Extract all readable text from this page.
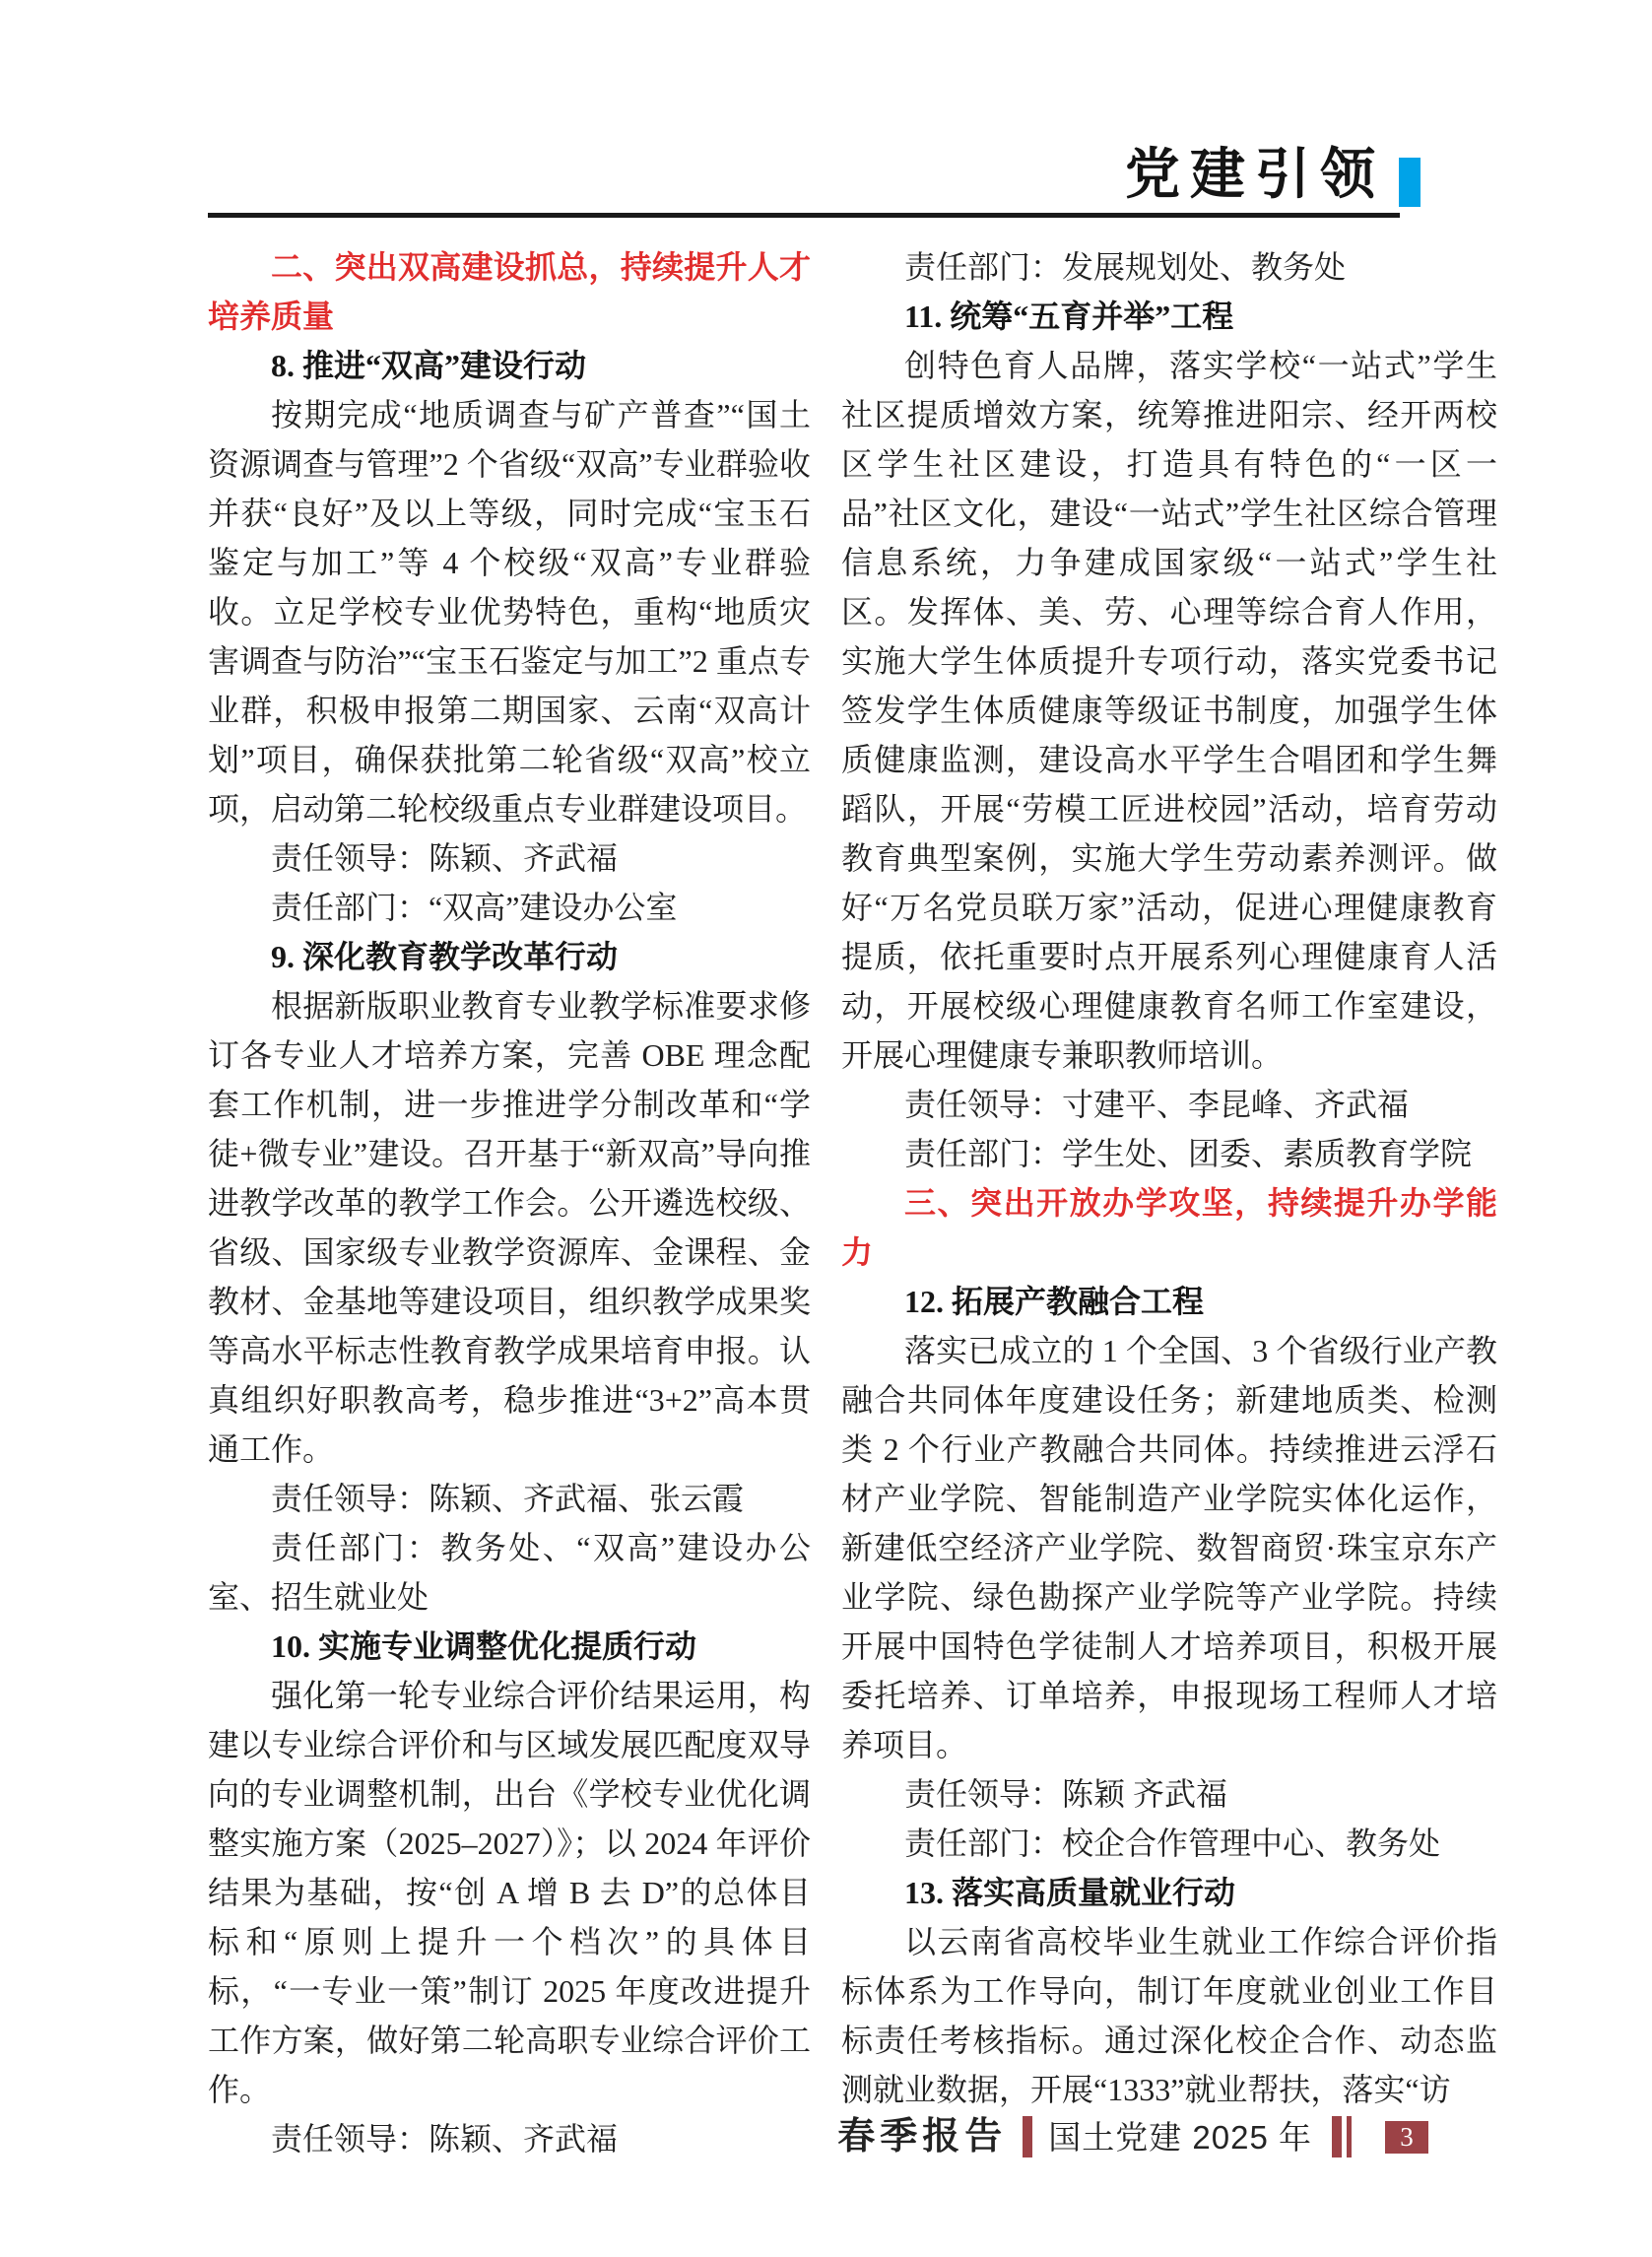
党建引领

二、突出双高建设抓总，持续提升人才培养质量

8. 推进“双高”建设行动

按期完成“地质调查与矿产普查”“国土资源调查与管理”2 个省级“双高”专业群验收并获“良好”及以上等级，同时完成“宝玉石鉴定与加工”等 4 个校级“双高”专业群验收。立足学校专业优势特色，重构“地质灾害调查与防治”“宝玉石鉴定与加工”2 重点专业群，积极申报第二期国家、云南“双高计划”项目，确保获批第二轮省级“双高”校立项，启动第二轮校级重点专业群建设项目。

责任领导：陈颖、齐武福

责任部门：“双高”建设办公室

9. 深化教育教学改革行动

根据新版职业教育专业教学标准要求修订各专业人才培养方案，完善 OBE 理念配套工作机制，进一步推进学分制改革和“学徒+微专业”建设。召开基于“新双高”导向推进教学改革的教学工作会。公开遴选校级、省级、国家级专业教学资源库、金课程、金教材、金基地等建设项目，组织教学成果奖等高水平标志性教育教学成果培育申报。认真组织好职教高考，稳步推进“3+2”高本贯通工作。

责任领导：陈颖、齐武福、张云霞

责任部门：教务处、“双高”建设办公室、招生就业处

10. 实施专业调整优化提质行动

强化第一轮专业综合评价结果运用，构建以专业综合评价和与区域发展匹配度双导向的专业调整机制，出台《学校专业优化调整实施方案（2025–2027）》；以 2024 年评价结果为基础，按“创 A 增 B 去 D”的总体目标和“原则上提升一个档次”的具体目标，“一专业一策”制订 2025 年度改进提升工作方案，做好第二轮高职专业综合评价工作。

责任领导：陈颖、齐武福

责任部门：发展规划处、教务处

11. 统筹“五育并举”工程

创特色育人品牌，落实学校“一站式”学生社区提质增效方案，统筹推进阳宗、经开两校区学生社区建设，打造具有特色的“一区一品”社区文化，建设“一站式”学生社区综合管理信息系统，力争建成国家级“一站式”学生社区。发挥体、美、劳、心理等综合育人作用，实施大学生体质提升专项行动，落实党委书记签发学生体质健康等级证书制度，加强学生体质健康监测，建设高水平学生合唱团和学生舞蹈队，开展“劳模工匠进校园”活动，培育劳动教育典型案例，实施大学生劳动素养测评。做好“万名党员联万家”活动，促进心理健康教育提质，依托重要时点开展系列心理健康育人活动，开展校级心理健康教育名师工作室建设，开展心理健康专兼职教师培训。

责任领导：寸建平、李昆峰、齐武福

责任部门：学生处、团委、素质教育学院

三、突出开放办学攻坚，持续提升办学能力

12. 拓展产教融合工程

落实已成立的 1 个全国、3 个省级行业产教融合共同体年度建设任务；新建地质类、检测类 2 个行业产教融合共同体。持续推进云浮石材产业学院、智能制造产业学院实体化运作，新建低空经济产业学院、数智商贸·珠宝京东产业学院、绿色勘探产业学院等产业学院。持续开展中国特色学徒制人才培养项目，积极开展委托培养、订单培养，申报现场工程师人才培养项目。

责任领导：陈颖 齐武福

责任部门：校企合作管理中心、教务处

13. 落实高质量就业行动

以云南省高校毕业生就业工作综合评价指标体系为工作导向，制订年度就业创业工作目标责任考核指标。通过深化校企合作、动态监测就业数据，开展“1333”就业帮扶，落实“访

春季报告 国土党建 2025 年	3
